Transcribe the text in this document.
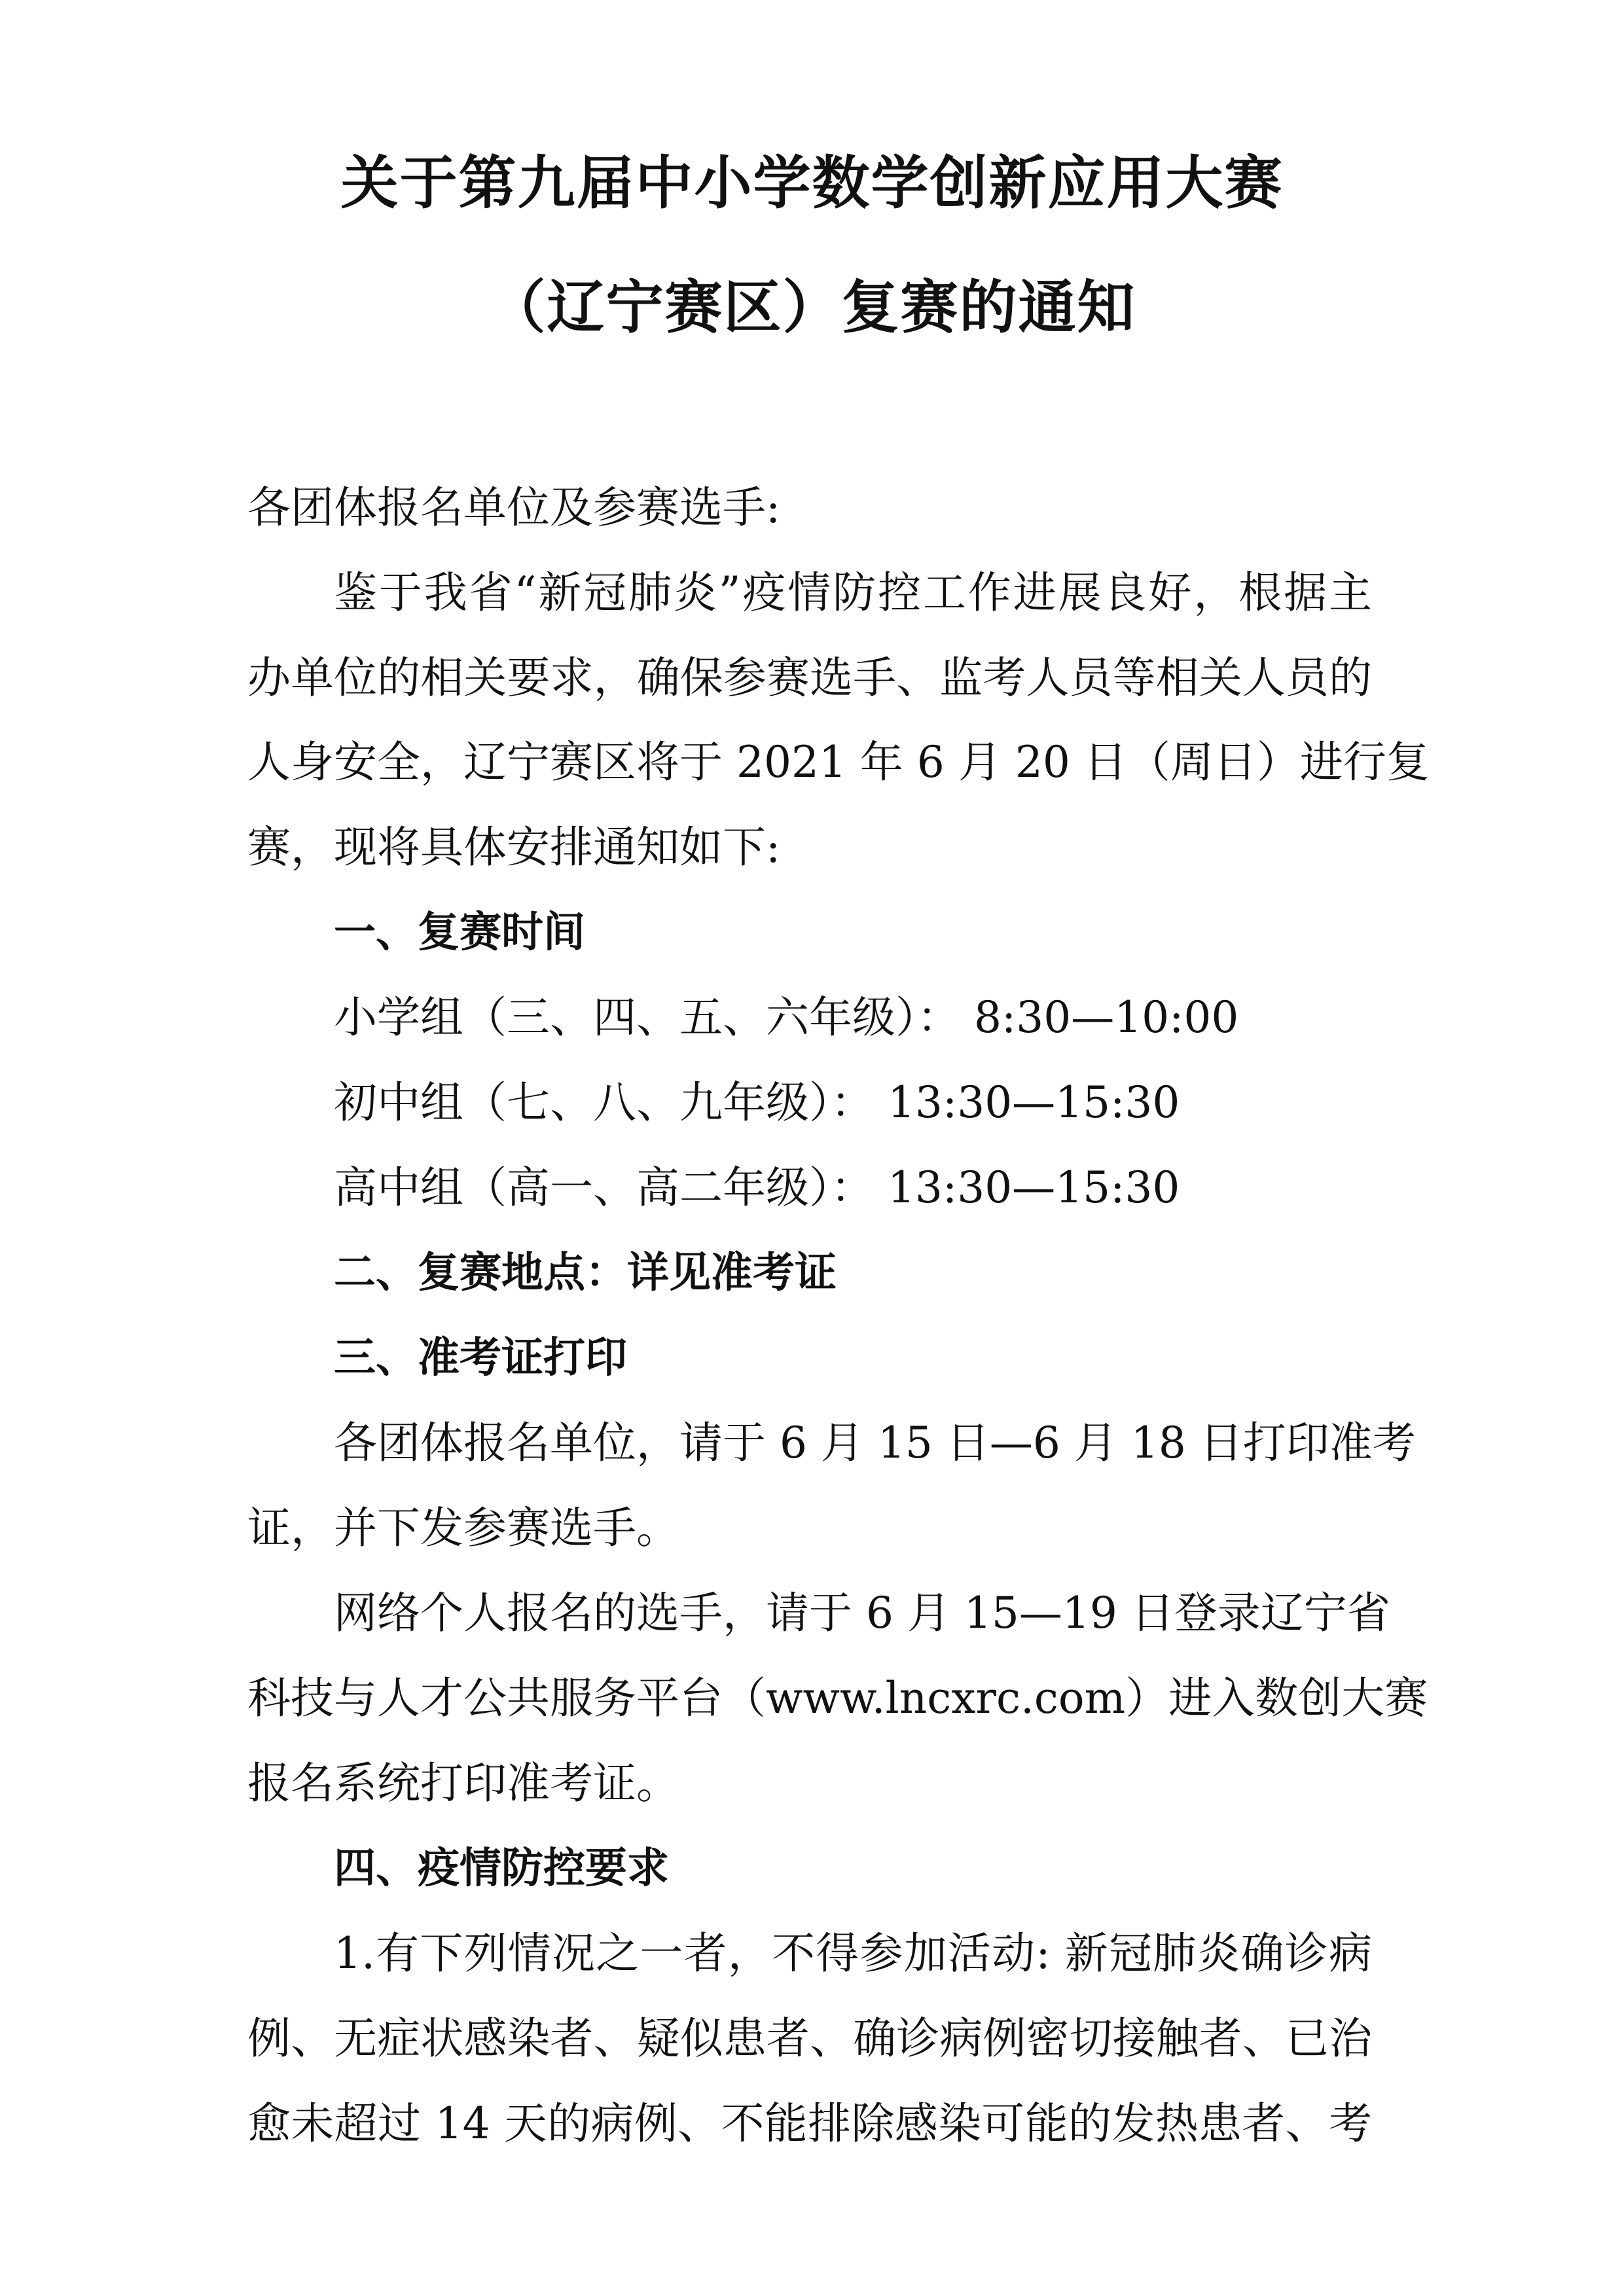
关于第九届中小学数学创新应用大赛
（辽宁赛区）复赛的通知
各团体报名单位及参赛选手:
鉴于我省“新冠肺炎”疫情防控工作进展良好，根据主
办单位的相关要求，确保参赛选手、监考人员等相关人员的
人身安全，辽宁赛区将于 2021 年 6 月 20 日（周日）进行复
赛，现将具体安排通知如下:
一、复赛时间
小学组（三、四、五、六年级）： 8:30—10:00
初中组（七、八、九年级）： 13:30—15:30
高中组（高一、高二年级）： 13:30—15:30
二、复赛地点：详见准考证
三、准考证打印
各团体报名单位，请于 6 月 15 日—6 月 18 日打印准考
证，并下发参赛选手。
网络个人报名的选手，请于 6 月 15—19 日登录辽宁省
科技与人才公共服务平台（www.lncxrc.com）进入数创大赛
报名系统打印准考证。
四、疫情防控要求
1.有下列情况之一者，不得参加活动: 新冠肺炎确诊病
例、无症状感染者、疑似患者、确诊病例密切接触者、已治
愈未超过 14 天的病例、不能排除感染可能的发热患者、考
